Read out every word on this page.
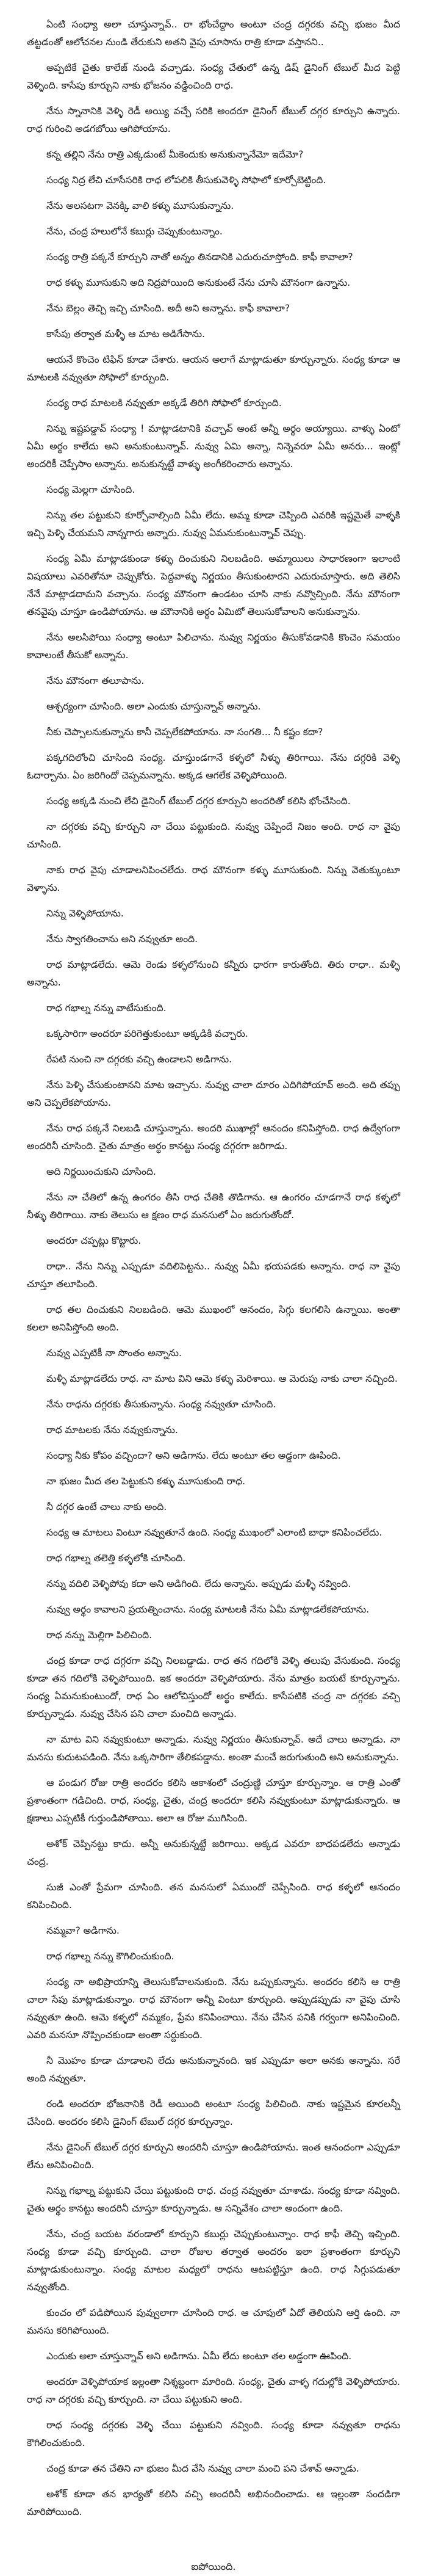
ఏంటి సంధ్యా అలా చూస్తున్నావ్.. రా భోంచేద్దాం అంటూ చంద్ర దగ్గరకు వచ్చి భుజం మీద తట్టడంతో ఆలోచనల నుండి తేరుకుని అతని వైపు చూసాను రాత్రి కూడా వస్తానని..

అప్పటికే చైతు కాలేజ్ నుండి వచ్చాడు. సంధ్య చేతులో ఉన్న డిష్ డైనింగ్ టేబుల్ మీద పెట్టి వెళ్ళింది. కాసేపు కూర్చుని నాకు భోజనం వడ్డించింది రాధ.

నేను స్నానానికి వెళ్ళి రెడీ అయ్యి వచ్చే సరికి అందరూ డైనింగ్ టేబుల్ దగ్గర కూర్చుని ఉన్నారు. రాధ గురించి అడగబోయి ఆగిపోయాను.

కన్న తల్లిని నేను రాత్రి ఎక్కడుంటే మీకెందుకు అనుకున్నానేమో ఇదేమో?

సంధ్య నిద్ర లేచి చూసేసరికి రాధ లోపలికి తీసుకువెళ్ళి సోఫాలో కూర్చోబెట్టింది.

నేను అలసటగా వెనక్కి వాలి కళ్ళు మూసుకున్నాను.

నేను, చంద్ర హలులోనే కబుర్లు చెప్పుకుంటున్నాం.

సంధ్య రాత్రి పక్కనే కూర్చుని నాతో అన్నం తినడానికి ఎదురుచూస్తోంది. కాఫీ కావాలా?

రాధ కళ్ళు మూసుకుని అది నిద్రపోయింది అనుకుంటే నేను చూసి మౌనంగా ఉన్నాను.

నేను బెల్లం తెచ్చి ఇచ్చి చూసింది. అదీ అని అన్నాను. కాఫీ కావాలా?

కాసేపు తర్వాత మళ్ళీ ఆ మాట అడిగేసాను.

ఆయనే కొంచెం టిఫిన్ కూడా చేశారు. ఆయన అలాగే మాట్లాడుతూ కూర్చున్నారు. సంధ్య కూడా ఆ మాటలకి నవ్వుతూ సోఫాలో కూర్చుంది.

సంధ్య రాధ మాటలకి నవ్వుతూ అక్కడే తిరిగి సోఫాలో కూర్చుంది.

నిన్ను ఇష్టపడ్డావ్ సంధ్యా ! మాట్లాడటానికి వచ్చావ్ అంటే అన్నీ అర్థం అయ్యాయి. వాళ్ళు ఏంటో ఏమీ అర్థం కాలేదు అని అనుకుంటున్నావ్. నువ్వు ఏమి అన్నా, నిన్నెవరూ ఏమీ అనరు... ఇంట్లో అందరికీ చెప్పేసాం అన్నాను. అనుకున్నట్టే వాళ్ళు అంగీకరించారు అన్నాను.

సంధ్య మెల్లగా చూసింది.

నిన్ను తల పట్టుకుని కూర్చోవాల్సింది ఏమీ లేదు. అమ్మ కూడా చెప్పింది ఎవరికి ఇష్టమైతే వాళ్ళకి ఇచ్చి పెళ్ళి చేయమని నాన్నగారు అన్నారు. నువ్వు ఏమనుకుంటున్నావ్ చెప్పు.

సంధ్య ఏమీ మాట్లాడకుండా కళ్ళు దించుకుని నిలబడింది. అమ్మాయిలు సాధారణంగా ఇలాంటి విషయాలు ఎవరితోనూ చెప్పుకోరు. పెద్దవాళ్ళు నిర్ణయం తీసుకుంటారని ఎదురుచూస్తారు. అది తెలిసి నేనే మాట్లాడదామని వచ్చాను. సంధ్య మౌనంగా ఉండటం చూసి నాకు నవ్వొచ్చింది. నేను మౌనంగా తనవైపు చూస్తూ ఉండిపోయాను. ఆ మౌనానికి అర్థం ఏమిటో తెలుసుకోవాలని అనుకున్నాను.

నేను అలసిపోయి సంధ్యా అంటూ పిలిచాను. నువ్వు నిర్ణయం తీసుకోవడానికి కొంచెం సమయం కావాలంటే తీసుకో అన్నాను.

నేను మౌనంగా తలూపాను.

ఆశ్చర్యంగా చూసింది. అలా ఎందుకు చూస్తున్నావ్ అన్నాను.

నీకు చెప్పాలనుకున్నాను కానీ చెప్పలేకపోయాను. నా సంగతి... నీ కష్టం కదా?

పక్కగదిలోంచి చూసింది సంధ్య. చూస్తుండగానే కళ్ళలో నీళ్ళు తిరిగాయి. నేను దగ్గరికి వెళ్ళి ఓదార్చాను. ఏం జరిగిందో చెప్పమన్నాను. అక్కడ ఆగలేక వెళ్ళిపోయింది.

సంధ్య అక్కడి నుంచి లేచి డైనింగ్ టేబుల్ దగ్గర కూర్చుని అందరితో కలిసి భోంచేసింది.

నా దగ్గరకు వచ్చి కూర్చుని నా చేయి పట్టుకుంది. నువ్వు చెప్పిందే నిజం అంది. రాధ నా వైపు చూసింది.

నాకు రాధ వైపు చూడాలనిపించలేదు. రాధ మౌనంగా కళ్ళు మూసుకుంది. నిన్ను వెతుక్కుంటూ వెళ్ళాను.

నిన్ను వెళ్ళిపోయాను.

నేను స్వాగతించాను అని నవ్వుతూ అంది.

రాధ మాట్లాడలేదు. ఆమె రెండు కళ్ళలోనుంచి కన్నీరు ధారగా కారుతోంది. తిరు రాధా.. మళ్ళీ అన్నాను.

రాధ గభాల్న నన్ను వాటేసుకుంది.

ఒక్కసారిగా అందరూ పరిగెత్తుకుంటూ అక్కడికి వచ్చారు.

రేపటి నుంచి నా దగ్గరకు వచ్చి ఉండాలని అడిగాను.

నేను పెళ్ళి చేసుకుంటానని మాట ఇచ్చాను. నువ్వు చాలా దూరం ఎదిగిపోయావ్ అంది. అది తప్పు అని చెప్పలేకపోయాను.

నేను రాధ పక్కనే నిలబడి చూస్తున్నాను. అందరి ముఖాల్లో ఆనందం కనిపిస్తోంది. రాధ ఉద్వేగంగా అందరినీ చూసింది. చైతు మాత్రం అర్థం కానట్టు సంధ్య దగ్గరగా జరిగాడు.

అది నిర్ణయించుకుని చూసింది.

నేను నా చేతిలో ఉన్న ఉంగరం తీసి రాధ చేతికి తొడిగాను. ఆ ఉంగరం చూడగానే రాధ కళ్ళలో నీళ్ళు తిరిగాయి. నాకు తెలుసు ఆ క్షణం రాధ మనసులో ఏం జరుగుతోందో.

అందరూ చప్పట్లు కొట్టారు.

రాధా.. నేను నిన్ను ఎప్పుడూ వదిలిపెట్టను.. నువ్వు ఏమీ భయపడకు అన్నాను. రాధ నా వైపు చూస్తూ తలూపింది.

రాధ తల దించుకుని నిలబడింది. ఆమె ముఖంలో ఆనందం, సిగ్గు కలగలిసి ఉన్నాయి. అంతా కలలా అనిపిస్తోంది అంది.

నువ్వు ఎప్పటికీ నా సొంతం అన్నాను.

మళ్ళీ మాట్లాడలేదు రాధ. నా మాట విని ఆమె కళ్ళు మెరిశాయి. ఆ మెరుపు నాకు చాలా నచ్చింది.

నేను రాధను దగ్గరకు తీసుకున్నాను. సంధ్య నవ్వుతూ చూసింది.

రాధ మాటలకు నేను నవ్వుకున్నాను.

సంధ్యా నీకు కోపం వచ్చిందా? అని అడిగాను. లేదు అంటూ తల అడ్డంగా ఊపింది.

నా భుజం మీద తల పెట్టుకుని కళ్ళు మూసుకుంది రాధ.

నీ దగ్గర ఉంటే చాలు నాకు అంది.

సంధ్య ఆ మాటలు వింటూ నవ్వుతూనే ఉంది. సంధ్య ముఖంలో ఎలాంటి బాధా కనిపించలేదు.

రాధ గభాల్న తలెత్తి కళ్ళలోకి చూసింది.

నన్ను వదిలి వెళ్ళిపోవు కదా అని అడిగింది. లేదు అన్నాను. అప్పుడు మళ్ళీ నవ్వింది.

నువ్వు అర్థం కావాలని ప్రయత్నించాను. సంధ్య మాటలకి నేను ఏమీ మాట్లాడలేకపోయాను.

రాధ నన్ను మెల్లిగా పిలిచింది.

చంద్ర కూడా రాధ దగ్గరగా వచ్చి నిలబడ్డాడు. రాధ తన గదిలోకి వెళ్ళి తలుపు వేసుకుంది. సంధ్య కూడా తన గదిలోకి వెళ్ళిపోయింది. ఇక అందరూ వెళ్ళిపోయారు. నేను మాత్రం బయటే కూర్చున్నాను. సంధ్య ఏమనుకుంటుందో, రాధ ఏం ఆలోచిస్తుందో అర్థం కాలేదు. కాసేపటికి చంద్ర నా దగ్గరకు వచ్చి కూర్చున్నాడు. నువ్వు చేసిన పని చాలా మంచిది అన్నాడు.

నా మాట విని నవ్వుకుంటూ అన్నాడు. నువ్వు నిర్ణయం తీసుకున్నావ్. అదే చాలు అన్నాడు. నా మనసు కుదుటపడింది. నేను ఒక్కసారిగా తేలికపడ్డాను. అంతా మంచే జరుగుతుంది అని అనుకున్నాను.

ఆ పండుగ రోజు రాత్రి అందరం కలిసి ఆకాశంలో చంద్రుణ్ణి చూస్తూ కూర్చున్నాం. ఆ రాత్రి ఎంతో ప్రశాంతంగా గడిచింది. రాధ, సంధ్య, చైతు, చంద్ర అందరూ కలిసి నవ్వుకుంటూ మాట్లాడుకున్నారు. ఆ క్షణాలు ఎప్పటికీ గుర్తుండిపోతాయి. అలా ఆ రోజు ముగిసింది.

అశోక్ చెప్పినట్టు కాదు. అన్నీ అనుకున్నట్టే జరిగాయి. అక్కడ ఎవరూ బాధపడలేదు అన్నాడు చంద్ర.

సుజీ ఎంతో ప్రేమగా చూసింది. తన మనసులో ఏముందో చెప్పేసింది. రాధ కళ్ళలో ఆనందం కనిపించింది.

నమ్మవా? అడిగాను.

రాధ గభాల్న నన్ను కౌగిలించుకుంది.

సంధ్య నా అభిప్రాయాన్ని తెలుసుకోవాలనుకుంది. నేను ఒప్పుకున్నాను. అందరం కలిసి ఆ రాత్రి చాలా సేపు మాట్లాడుకున్నాం. రాధ మౌనంగా అన్నీ వింటూ కూర్చుంది. అప్పుడప్పుడు నా వైపు చూసి నవ్వుతూ ఉంది. ఆమె కళ్ళలో నమ్మకం, ప్రేమ కనిపించాయి. నేను చేసిన పనికి గర్వంగా అనిపించింది. ఎవరి మనసూ నొప్పించకుండా అంతా సర్దుకుంది.

నీ మొహం కూడా చూడాలని లేదు అనుకున్నానంది. ఇక ఎప్పుడూ అలా అనకు అన్నాను. సరే అంది నవ్వుతూ.

రండి అందరూ భోజనానికి రెడీ అయింది అంటూ సంధ్య పిలిచింది. నాకు ఇష్టమైన కూరలన్నీ చేసింది. అందరం కలిసి డైనింగ్ టేబుల్ దగ్గర కూర్చున్నాం.

నేను డైనింగ్ టేబుల్ దగ్గర కూర్చుని అందరినీ చూస్తూ ఉండిపోయాను. ఇంత ఆనందంగా ఎప్పుడూ లేను అనిపించింది.

నిన్ను గభాల్న పట్టుకుని చేయి పట్టుకుంది రాధ. చంద్ర నవ్వుతూ చూశాడు. సంధ్య కూడా నవ్వింది. చైతు అర్థం కానట్టు అందరినీ చూస్తూ కూర్చున్నాడు. ఆ సన్నివేశం చాలా అందంగా ఉంది.

నేను, చంద్ర బయట వరండాలో కూర్చుని కబుర్లు చెప్పుకుంటున్నాం. రాధ కాఫీ తెచ్చి ఇచ్చింది. సంధ్య కూడా వచ్చి కూర్చుంది. చాలా రోజుల తర్వాత అందరం ఇలా ప్రశాంతంగా కూర్చుని మాట్లాడుకుంటున్నాం. సంధ్య మాటల మధ్యలో రాధను ఆటపట్టిస్తూ ఉంది. రాధ సిగ్గుపడుతూ నవ్వుతోంది.

కుంచం లో పడిపోయిన పువ్వులాగా చూసింది రాధ. ఆ చూపులో ఏదో తెలియని ఆర్తి ఉంది. నా మనసు కరిగిపోయింది.

ఎందుకు అలా చూస్తున్నావ్ అని అడిగాను. ఏమీ లేదు అంటూ తల అడ్డంగా ఊపింది.

అందరూ వెళ్ళిపోయాక ఇల్లంతా నిశ్శబ్దంగా మారింది. సంధ్య, చైతు వాళ్ళ గదుల్లోకి వెళ్ళిపోయారు. రాధ నా దగ్గరకు వచ్చి కూర్చుంది. నా చేయి పట్టుకుని అంది.

రాధ సంధ్య దగ్గరకు వెళ్ళి చేయి పట్టుకుని నవ్వింది. సంధ్య కూడా నవ్వుతూ రాధను కౌగిలించుకుంది.

చంద్ర కూడా తన చేతిని నా భుజం మీద వేసి నువ్వు చాలా మంచి పని చేశావ్ అన్నాడు.

అశోక్ కూడా తన భార్యతో కలిసి వచ్చి అందరినీ అభినందించాడు. ఆ ఇల్లంతా సందడిగా మారిపోయింది.

ఐపోయింది.
